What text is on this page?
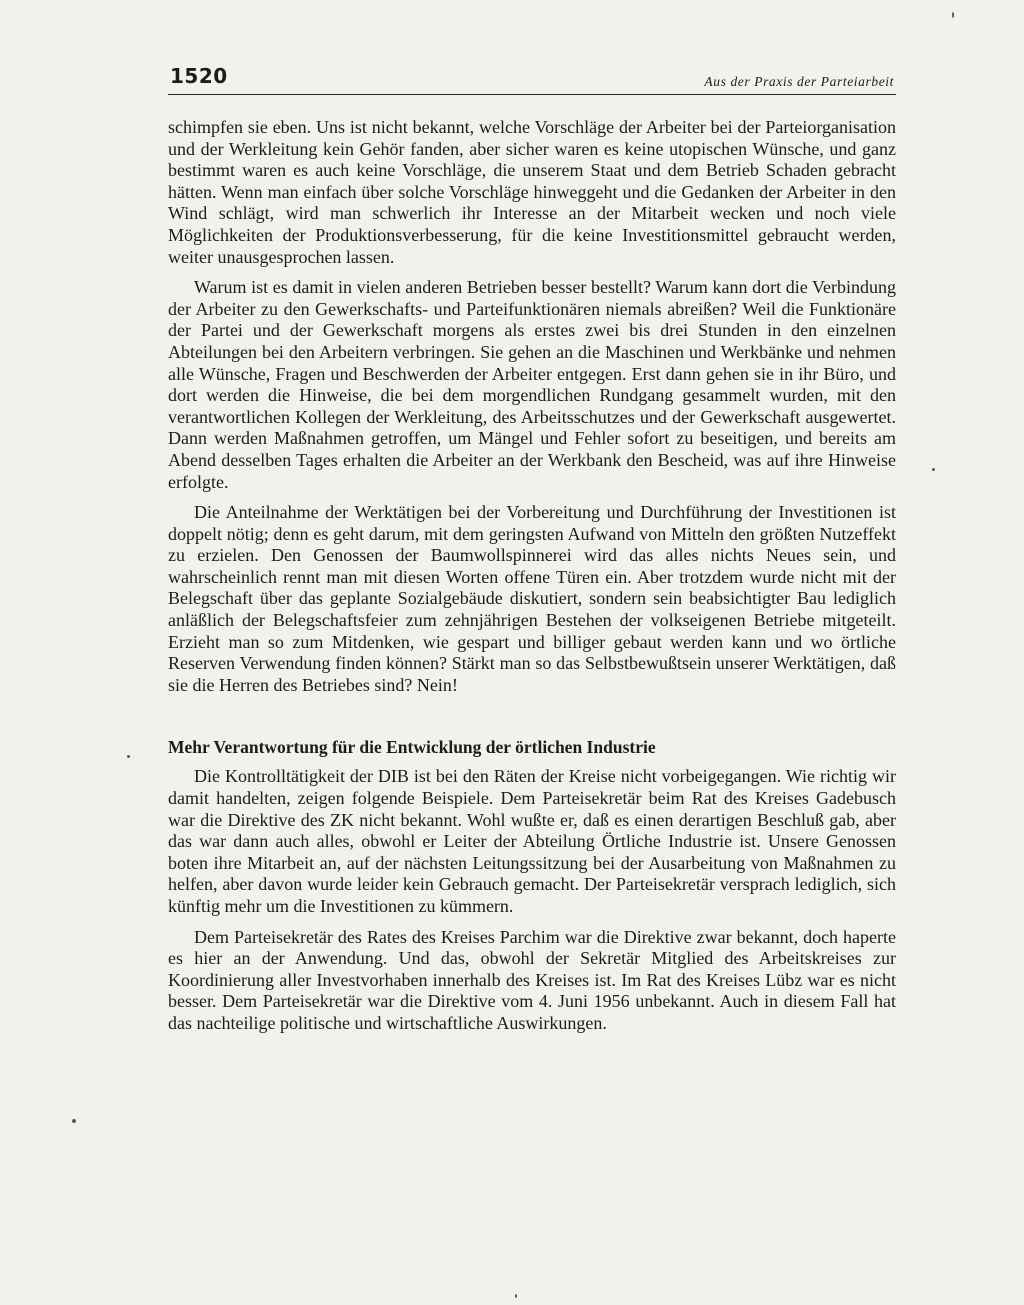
1520	Aus der Praxis der Parteiarbeit

schimpfen sie eben. Uns ist nicht bekannt, welche Vorschläge der Arbeiter bei der Parteiorganisation und der Werkleitung kein Gehör fanden, aber sicher waren es keine utopischen Wünsche, und ganz bestimmt waren es auch keine Vorschläge, die unserem Staat und dem Betrieb Schaden gebracht hätten. Wenn man einfach über solche Vorschläge hinweggeht und die Gedanken der Arbeiter in den Wind schlägt, wird man schwerlich ihr Interesse an der Mitarbeit wecken und noch viele Möglichkeiten der Produktionsverbesserung, für die keine Investitionsmittel gebraucht werden, weiter unausgesprochen lassen.

Warum ist es damit in vielen anderen Betrieben besser bestellt? Warum kann dort die Verbindung der Arbeiter zu den Gewerkschafts- und Parteifunktionären niemals abreißen? Weil die Funktionäre der Partei und der Gewerkschaft morgens als erstes zwei bis drei Stunden in den einzelnen Abteilungen bei den Arbeitern verbringen. Sie gehen an die Maschinen und Werkbänke und nehmen alle Wünsche, Fragen und Beschwerden der Arbeiter entgegen. Erst dann gehen sie in ihr Büro, und dort werden die Hinweise, die bei dem morgendlichen Rundgang gesammelt wurden, mit den verantwortlichen Kollegen der Werkleitung, des Arbeitsschutzes und der Gewerkschaft ausgewertet. Dann werden Maßnahmen getroffen, um Mängel und Fehler sofort zu beseitigen, und bereits am Abend desselben Tages erhalten die Arbeiter an der Werkbank den Bescheid, was auf ihre Hinweise erfolgte.

Die Anteilnahme der Werktätigen bei der Vorbereitung und Durchführung der Investitionen ist doppelt nötig; denn es geht darum, mit dem geringsten Aufwand von Mitteln den größten Nutzeffekt zu erzielen. Den Genossen der Baumwollspinnerei wird das alles nichts Neues sein, und wahrscheinlich rennt man mit diesen Worten offene Türen ein. Aber trotzdem wurde nicht mit der Belegschaft über das geplante Sozialgebäude diskutiert, sondern sein beabsichtigter Bau lediglich anläßlich der Belegschaftsfeier zum zehnjährigen Bestehen der volkseigenen Betriebe mitgeteilt. Erzieht man so zum Mitdenken, wie gespart und billiger gebaut werden kann und wo örtliche Reserven Verwendung finden können? Stärkt man so das Selbstbewußtsein unserer Werktätigen, daß sie die Herren des Betriebes sind? Nein!

Mehr Verantwortung für die Entwicklung der örtlichen Industrie

Die Kontrolltätigkeit der DIB ist bei den Räten der Kreise nicht vorbeigegangen. Wie richtig wir damit handelten, zeigen folgende Beispiele. Dem Parteisekretär beim Rat des Kreises Gadebusch war die Direktive des ZK nicht bekannt. Wohl wußte er, daß es einen derartigen Beschluß gab, aber das war dann auch alles, obwohl er Leiter der Abteilung Örtliche Industrie ist. Unsere Genossen boten ihre Mitarbeit an, auf der nächsten Leitungssitzung bei der Ausarbeitung von Maßnahmen zu helfen, aber davon wurde leider kein Gebrauch gemacht. Der Parteisekretär versprach lediglich, sich künftig mehr um die Investitionen zu kümmern.

Dem Parteisekretär des Rates des Kreises Parchim war die Direktive zwar bekannt, doch haperte es hier an der Anwendung. Und das, obwohl der Sekretär Mitglied des Arbeitskreises zur Koordinierung aller Investvorhaben innerhalb des Kreises ist. Im Rat des Kreises Lübz war es nicht besser. Dem Parteisekretär war die Direktive vom 4. Juni 1956 unbekannt. Auch in diesem Fall hat das nachteilige politische und wirtschaftliche Auswirkungen.
